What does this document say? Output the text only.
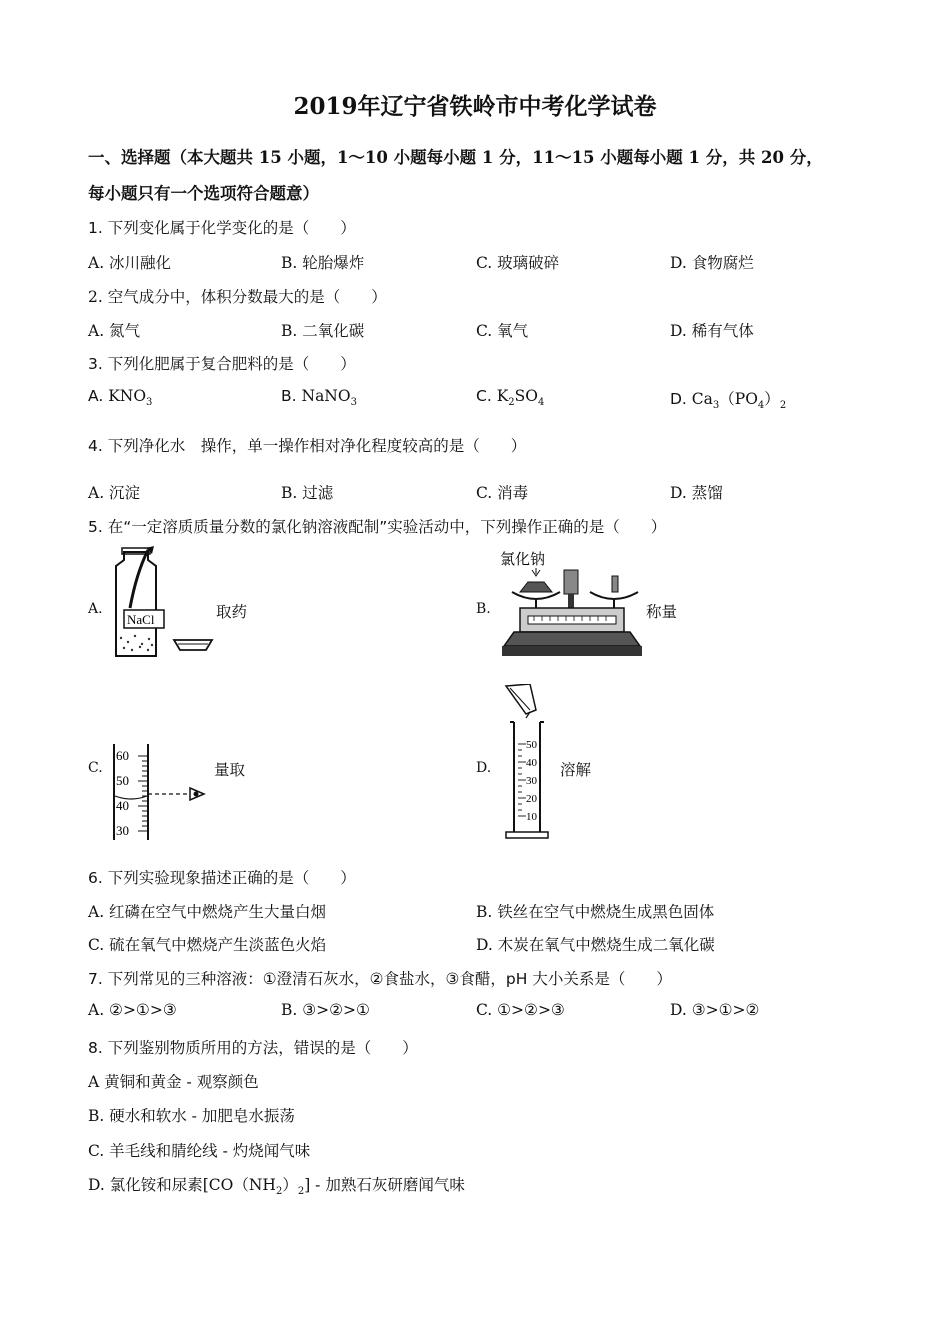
2019年辽宁省铁岭市中考化学试卷
一、选择题（本大题共 15 小题，1～10 小题每小题 1 分，11～15 小题每小题 1 分，共 20 分，
每小题只有一个选项符合题意）
1. 下列变化属于化学变化的是（　　）
A. 冰川融化	B. 轮胎爆炸	C. 玻璃破碎	D. 食物腐烂
2. 空气成分中，体积分数最大的是（　　）
A. 氮气	B. 二氧化碳	C. 氧气	D. 稀有气体
3. 下列化肥属于复合肥料的是（　　）
A. $KNO_3$	B. NaNO$_3$	C. $K_2SO_4$	D. $Ca_3(PO_4)_2$
4. 下列净化水　操作，单一操作相对净化程度较高的是（　　）
A. 沉淀	B. 过滤	C. 消毒	D. 蒸馏
5. 在“一定溶质质量分数的氯化钠溶液配制”实验活动中，下列操作正确的是（　　）
A.
NaCl	取药	B.
氯化钠
称量
C.
60
50
40
30
量取	D.
50
40
30
20
10
溶解
6. 下列实验现象描述正确的是（　　）
A. 红磷在空气中燃烧产生大量白烟	B. 铁丝在空气中燃烧生成黑色固体
C. 硫在氧气中燃烧产生淡蓝色火焰	D. 木炭在氧气中燃烧生成二氧化碳
7. 下列常见的三种溶液：①澄清石灰水，②食盐水，③食醋，pH 大小关系是（　　）
A. ②>①>③	B. ③>②>①	C. ①>②>③	D. ③>①>②
8. 下列鉴别物质所用的方法，错误的是（　　）
A 黄铜和黄金 - 观察颜色
B. 硬水和软水 - 加肥皂水振荡
C. 羊毛线和腈纶线 - 灼烧闻气味
D. 氯化铵和尿素$[CO(NH_2)_2]$ - 加熟石灰研磨闻气味
